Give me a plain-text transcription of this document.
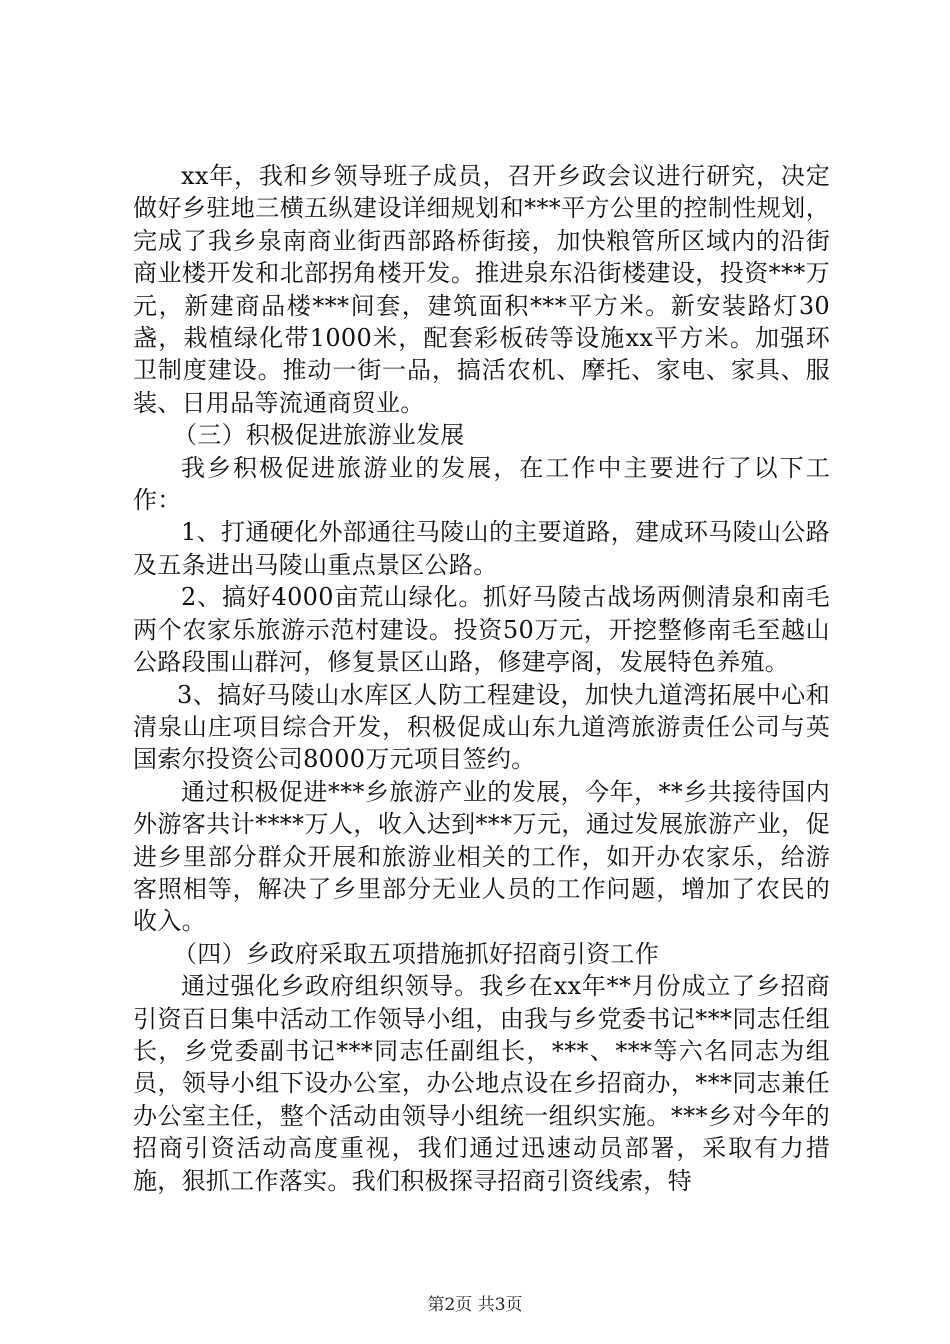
xx年，我和乡领导班子成员，召开乡政会议进行研究，决定做好乡驻地三横五纵建设详细规划和***平方公里的控制性规划，完成了我乡泉南商业街西部路桥街接，加快粮管所区域内的沿街商业楼开发和北部拐角楼开发。推进泉东沿街楼建设，投资***万元，新建商品楼***间套，建筑面积***平方米。新安装路灯30盏，栽植绿化带1000米，配套彩板砖等设施xx平方米。加强环卫制度建设。推动一街一品，搞活农机、摩托、家电、家具、服装、日用品等流通商贸业。

（三）积极促进旅游业发展

我乡积极促进旅游业的发展，在工作中主要进行了以下工作：

1、打通硬化外部通往马陵山的主要道路，建成环马陵山公路及五条进出马陵山重点景区公路。

2、搞好4000亩荒山绿化。抓好马陵古战场两侧清泉和南毛两个农家乐旅游示范村建设。投资50万元，开挖整修南毛至越山公路段围山群河，修复景区山路，修建亭阁，发展特色养殖。

3、搞好马陵山水库区人防工程建设，加快九道湾拓展中心和清泉山庄项目综合开发，积极促成山东九道湾旅游责任公司与英国索尔投资公司8000万元项目签约。

通过积极促进***乡旅游产业的发展，今年，**乡共接待国内外游客共计****万人，收入达到***万元，通过发展旅游产业，促进乡里部分群众开展和旅游业相关的工作，如开办农家乐，给游客照相等，解决了乡里部分无业人员的工作问题，增加了农民的收入。

（四）乡政府采取五项措施抓好招商引资工作

通过强化乡政府组织领导。我乡在xx年**月份成立了乡招商引资百日集中活动工作领导小组，由我与乡党委书记***同志任组长，乡党委副书记***同志任副组长，***、***等六名同志为组员，领导小组下设办公室，办公地点设在乡招商办，***同志兼任办公室主任，整个活动由领导小组统一组织实施。***乡对今年的招商引资活动高度重视，我们通过迅速动员部署，采取有力措施，狠抓工作落实。我们积极探寻招商引资线索，特

第2页 共3页
